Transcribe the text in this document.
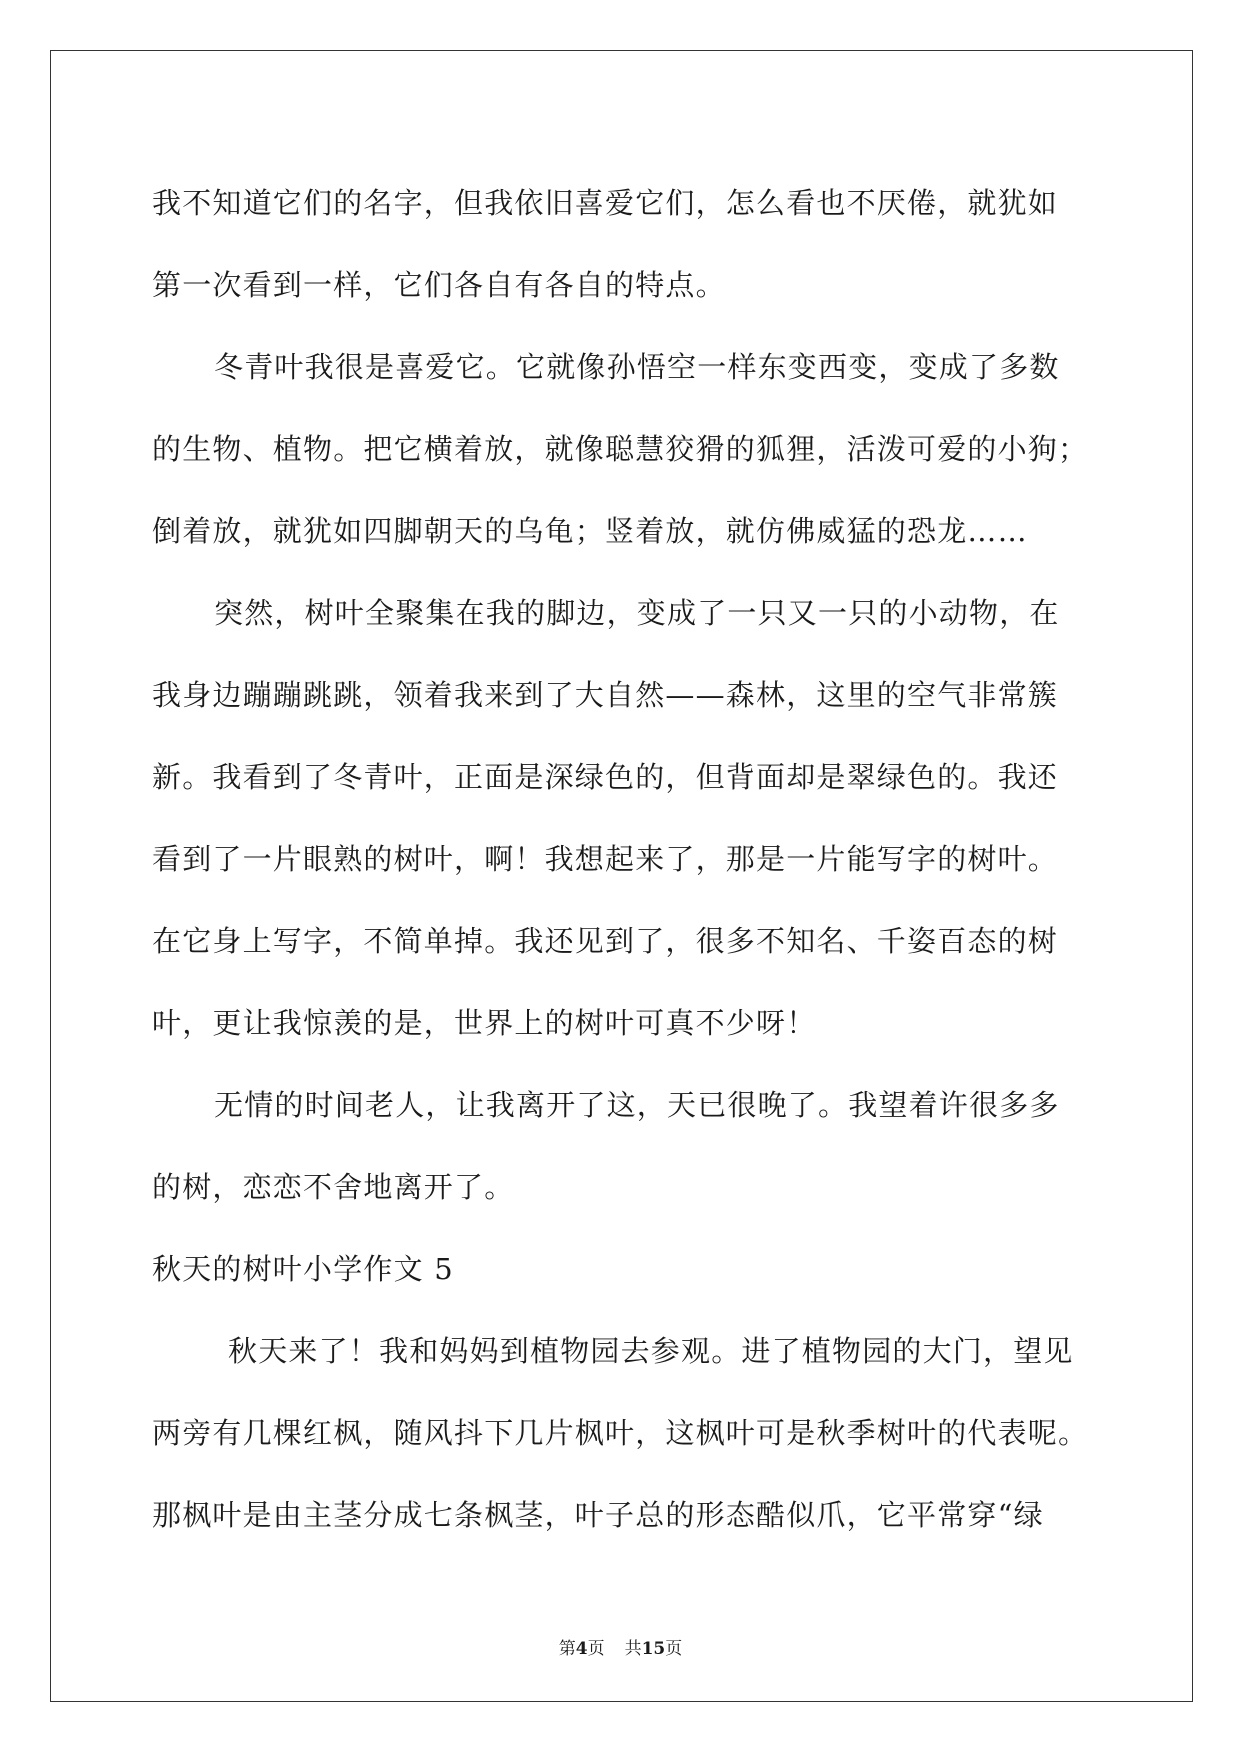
我不知道它们的名字，但我依旧喜爱它们，怎么看也不厌倦，就犹如
第一次看到一样，它们各自有各自的特点。
冬青叶我很是喜爱它。它就像孙悟空一样东变西变，变成了多数
的生物、植物。把它横着放，就像聪慧狡猾的狐狸，活泼可爱的小狗；
倒着放，就犹如四脚朝天的乌龟；竖着放，就仿佛威猛的恐龙……
突然，树叶全聚集在我的脚边，变成了一只又一只的小动物，在
我身边蹦蹦跳跳，领着我来到了大自然——森林，这里的空气非常簇
新。我看到了冬青叶，正面是深绿色的，但背面却是翠绿色的。我还
看到了一片眼熟的树叶，啊！我想起来了，那是一片能写字的树叶。
在它身上写字，不简单掉。我还见到了，很多不知名、千姿百态的树
叶，更让我惊羡的是，世界上的树叶可真不少呀！
无情的时间老人，让我离开了这，天已很晚了。我望着许很多多
的树，恋恋不舍地离开了。
秋天的树叶小学作文 5
秋天来了！我和妈妈到植物园去参观。进了植物园的大门，望见
两旁有几棵红枫，随风抖下几片枫叶，这枫叶可是秋季树叶的代表呢。
那枫叶是由主茎分成七条枫茎，叶子总的形态酷似爪，它平常穿“绿
第4页 共15页
